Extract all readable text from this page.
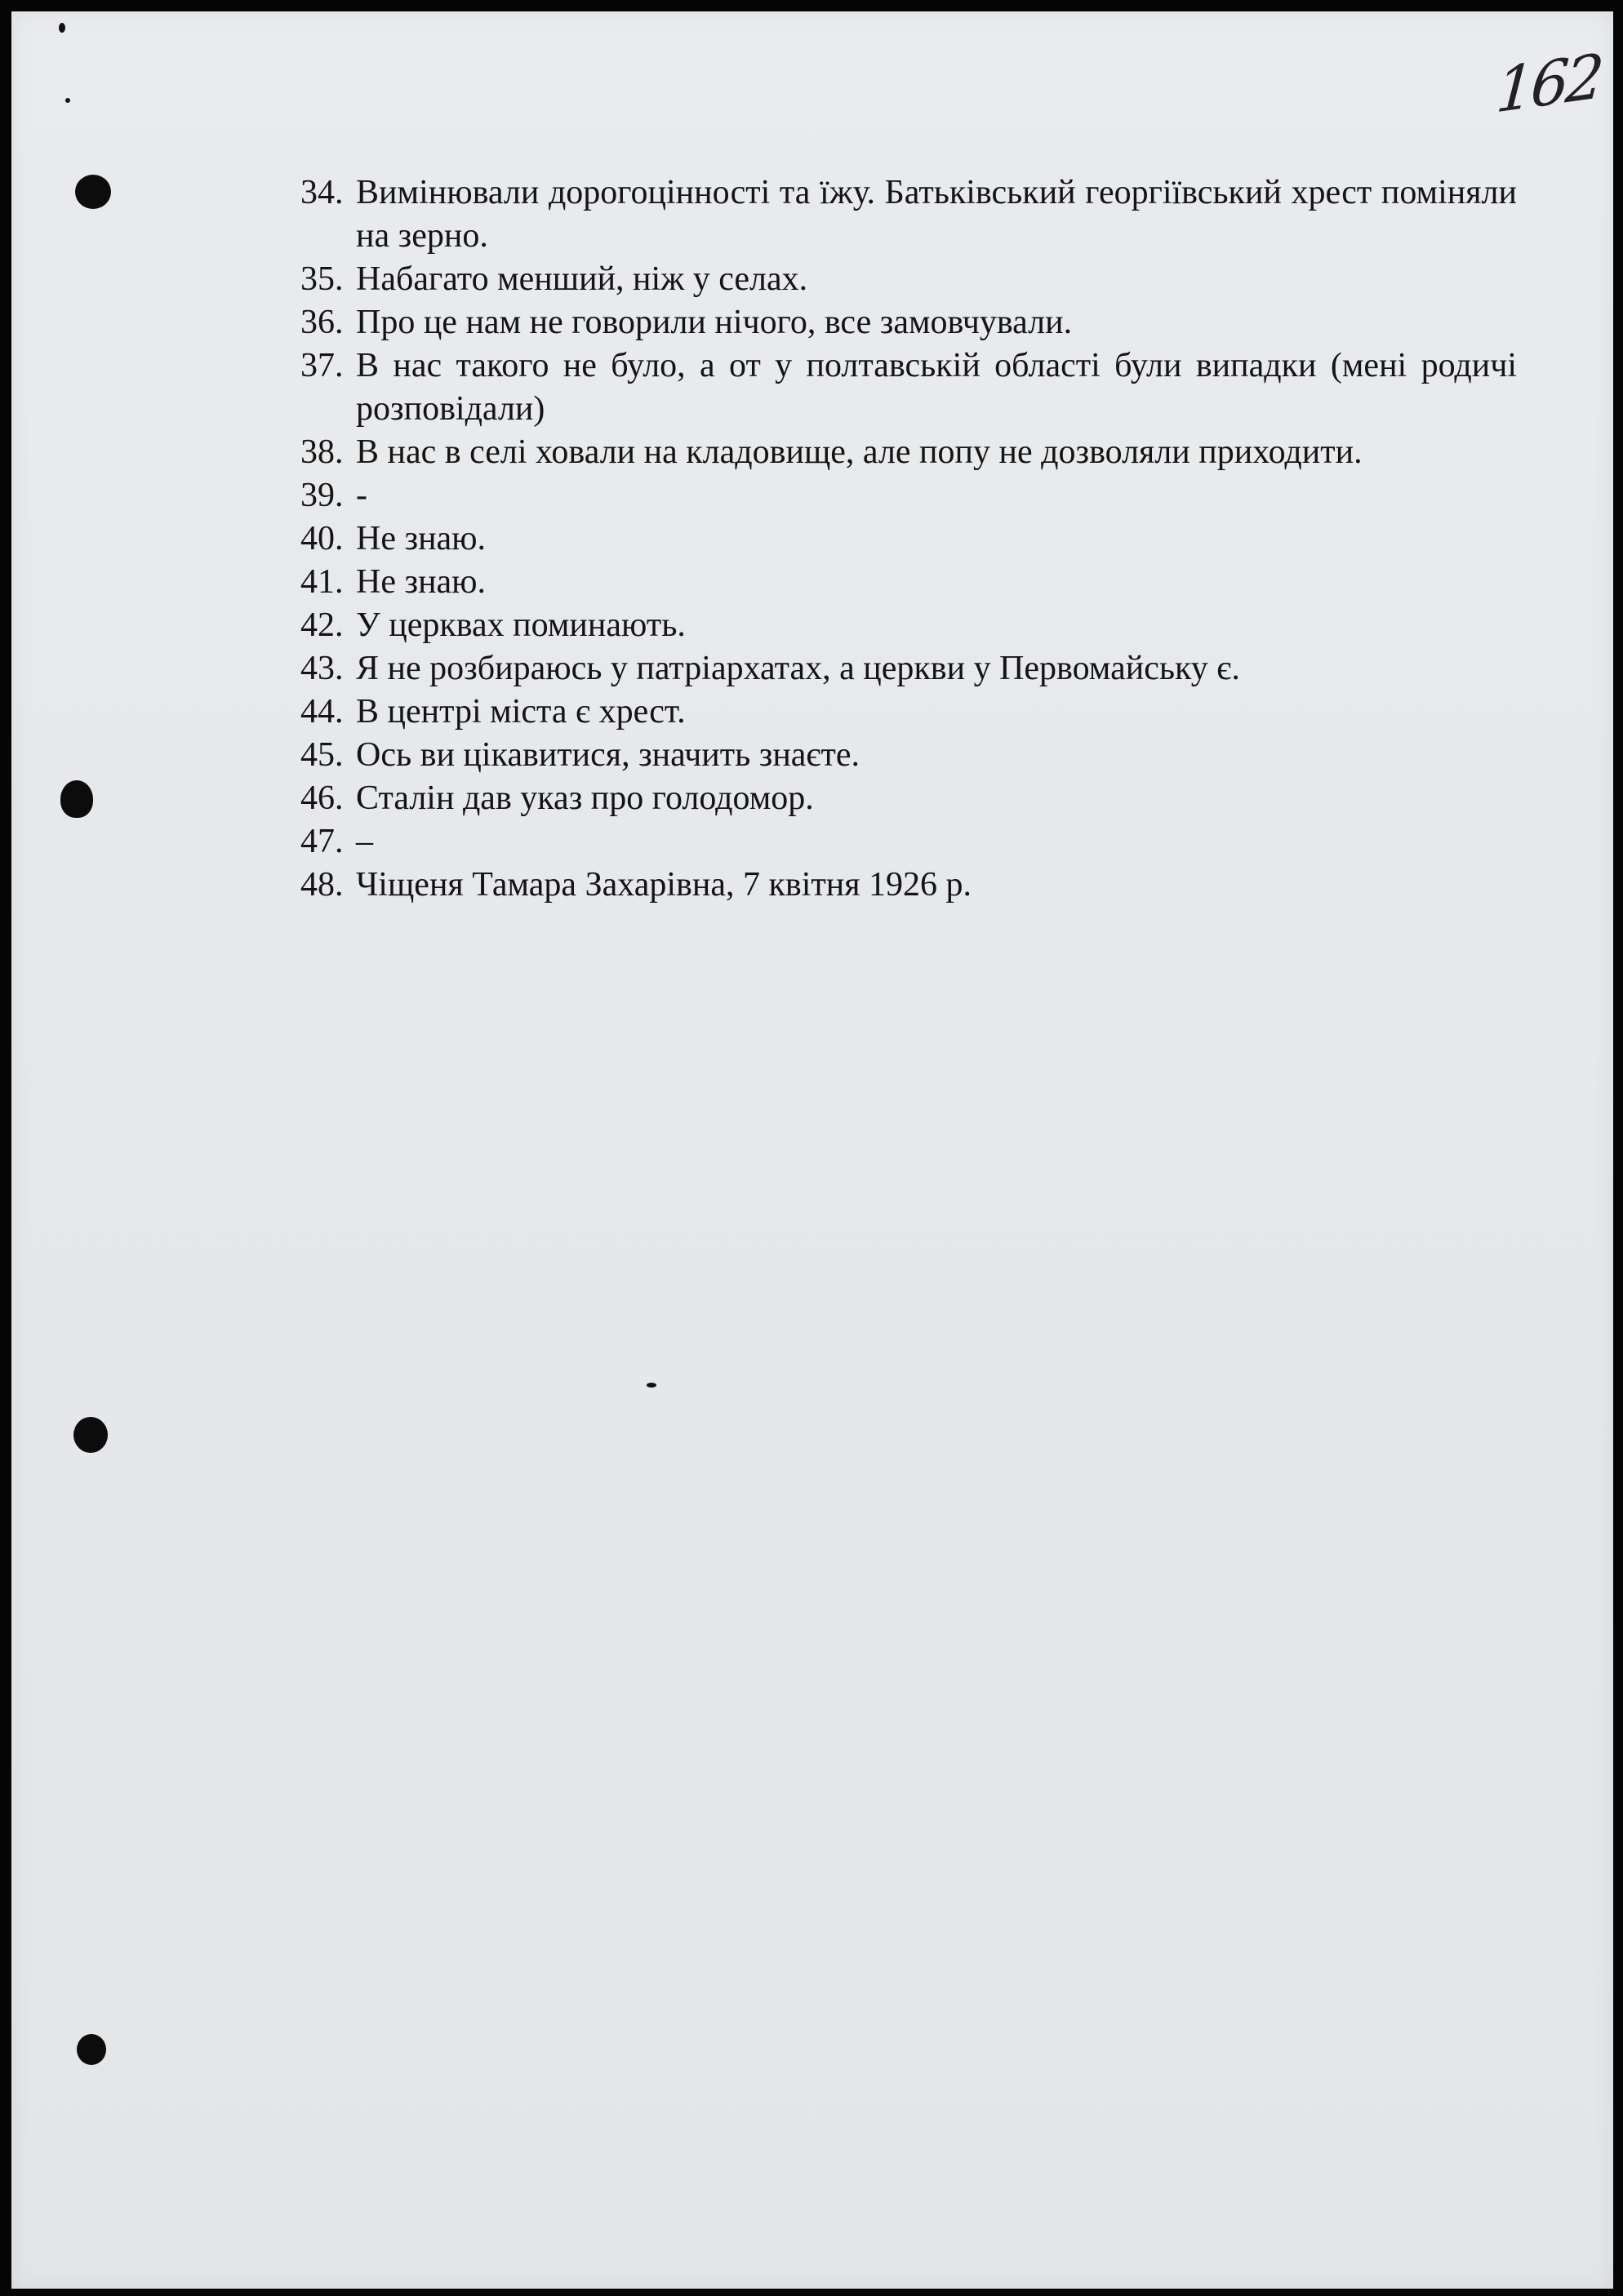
162

34. Вимінювали дорогоцінності та їжу. Батьківський георгіївський хрест поміняли на зерно.
35. Набагато менший, ніж у селах.
36. Про це нам не говорили нічого, все замовчували.
37. В нас такого не було, а от у полтавській області були випадки (мені родичі розповідали)
38. В нас в селі ховали на кладовище, але попу не дозволяли приходити.
39. -
40. Не знаю.
41. Не знаю.
42. У церквах поминають.
43. Я не розбираюсь у патріархатах, а церкви у Первомайську є.
44. В центрі міста є хрест.
45. Ось ви цікавитися, значить знаєте.
46. Сталін дав указ про голодомор.
47. –
48. Чіщеня Тамара Захарівна, 7 квітня 1926 р.
